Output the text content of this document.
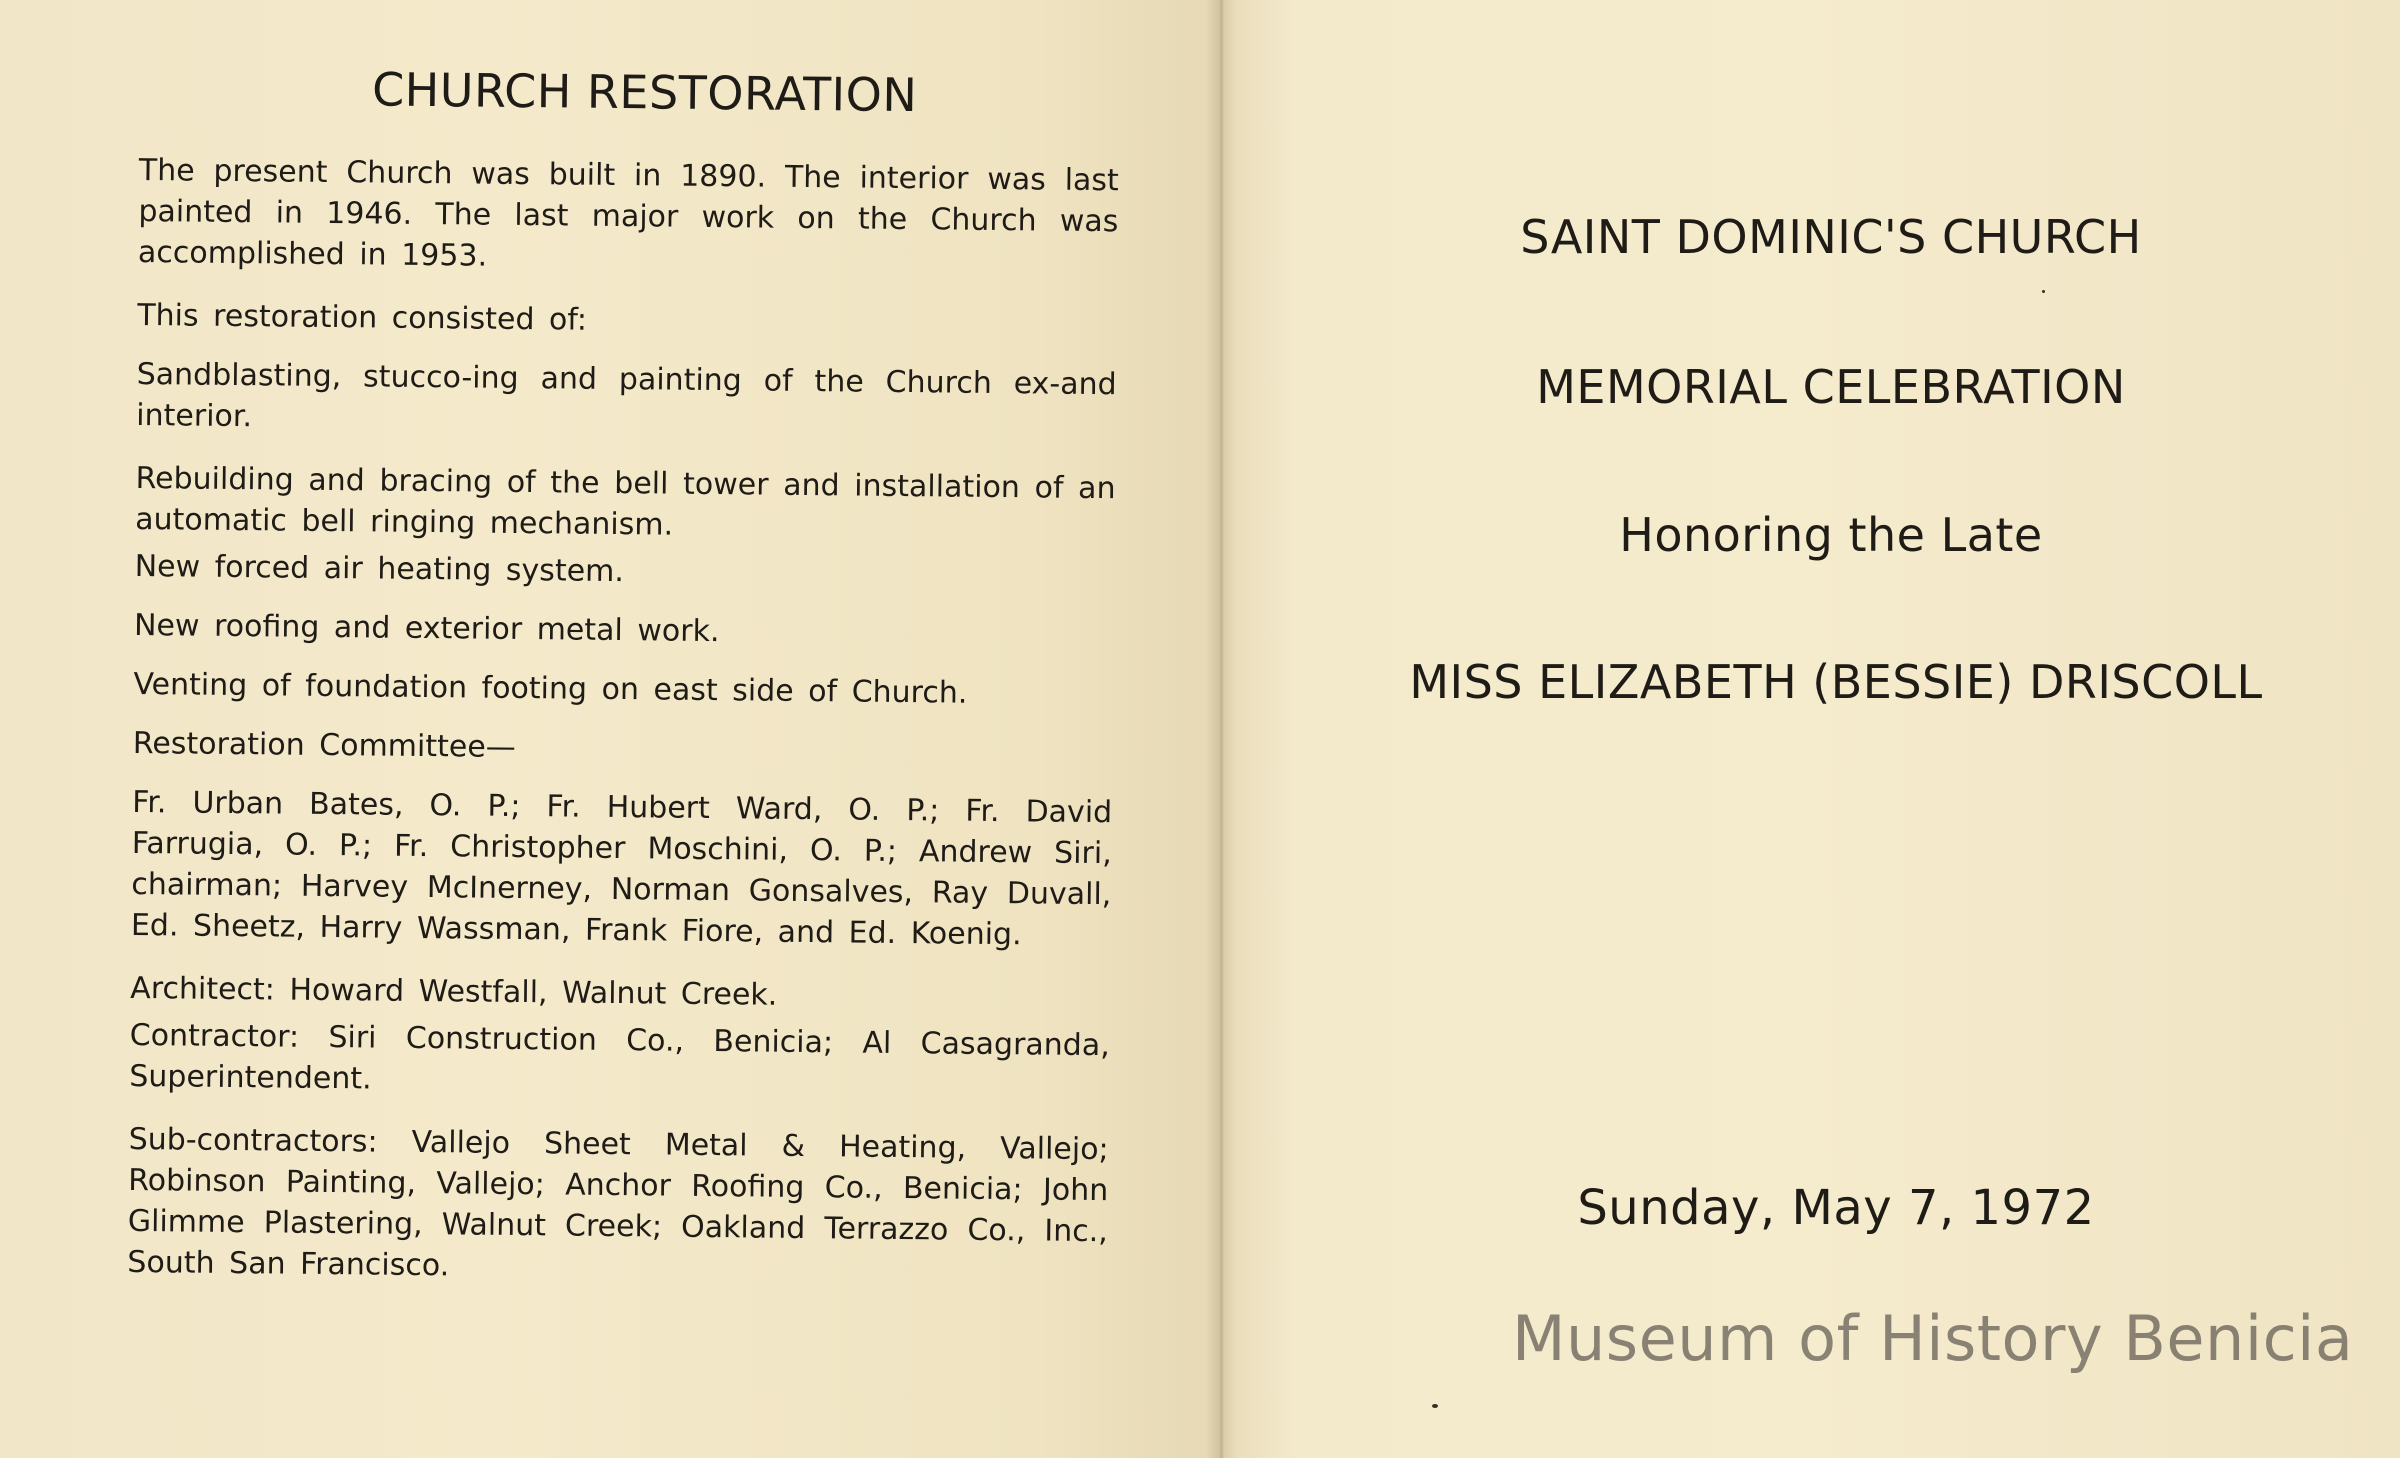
CHURCH RESTORATION

The present Church was built in 1890. The interior was last painted in 1946. The last major work on the Church was accomplished in 1953.

This restoration consisted of:

Sandblasting, stucco-ing and painting of the Church ex-and interior.

Rebuilding and bracing of the bell tower and installation of an automatic bell ringing mechanism.

New forced air heating system.

New roofing and exterior metal work.

Venting of foundation footing on east side of Church.

Restoration Committee—

Fr. Urban Bates, O. P.; Fr. Hubert Ward, O. P.; Fr. David Farrugia, O. P.; Fr. Christopher Moschini, O. P.; Andrew Siri, chairman; Harvey McInerney, Norman Gonsalves, Ray Duvall, Ed. Sheetz, Harry Wassman, Frank Fiore, and Ed. Koenig.

Architect: Howard Westfall, Walnut Creek.

Contractor: Siri Construction Co., Benicia; Al Casagranda, Superintendent.

Sub-contractors: Vallejo Sheet Metal & Heating, Vallejo; Robinson Painting, Vallejo; Anchor Roofing Co., Benicia; John Glimme Plastering, Walnut Creek; Oakland Terrazzo Co., Inc., South San Francisco.

SAINT DOMINIC'S CHURCH
MEMORIAL CELEBRATION
Honoring the Late
MISS ELIZABETH (BESSIE) DRISCOLL
Sunday, May 7, 1972
Museum of History Benicia
